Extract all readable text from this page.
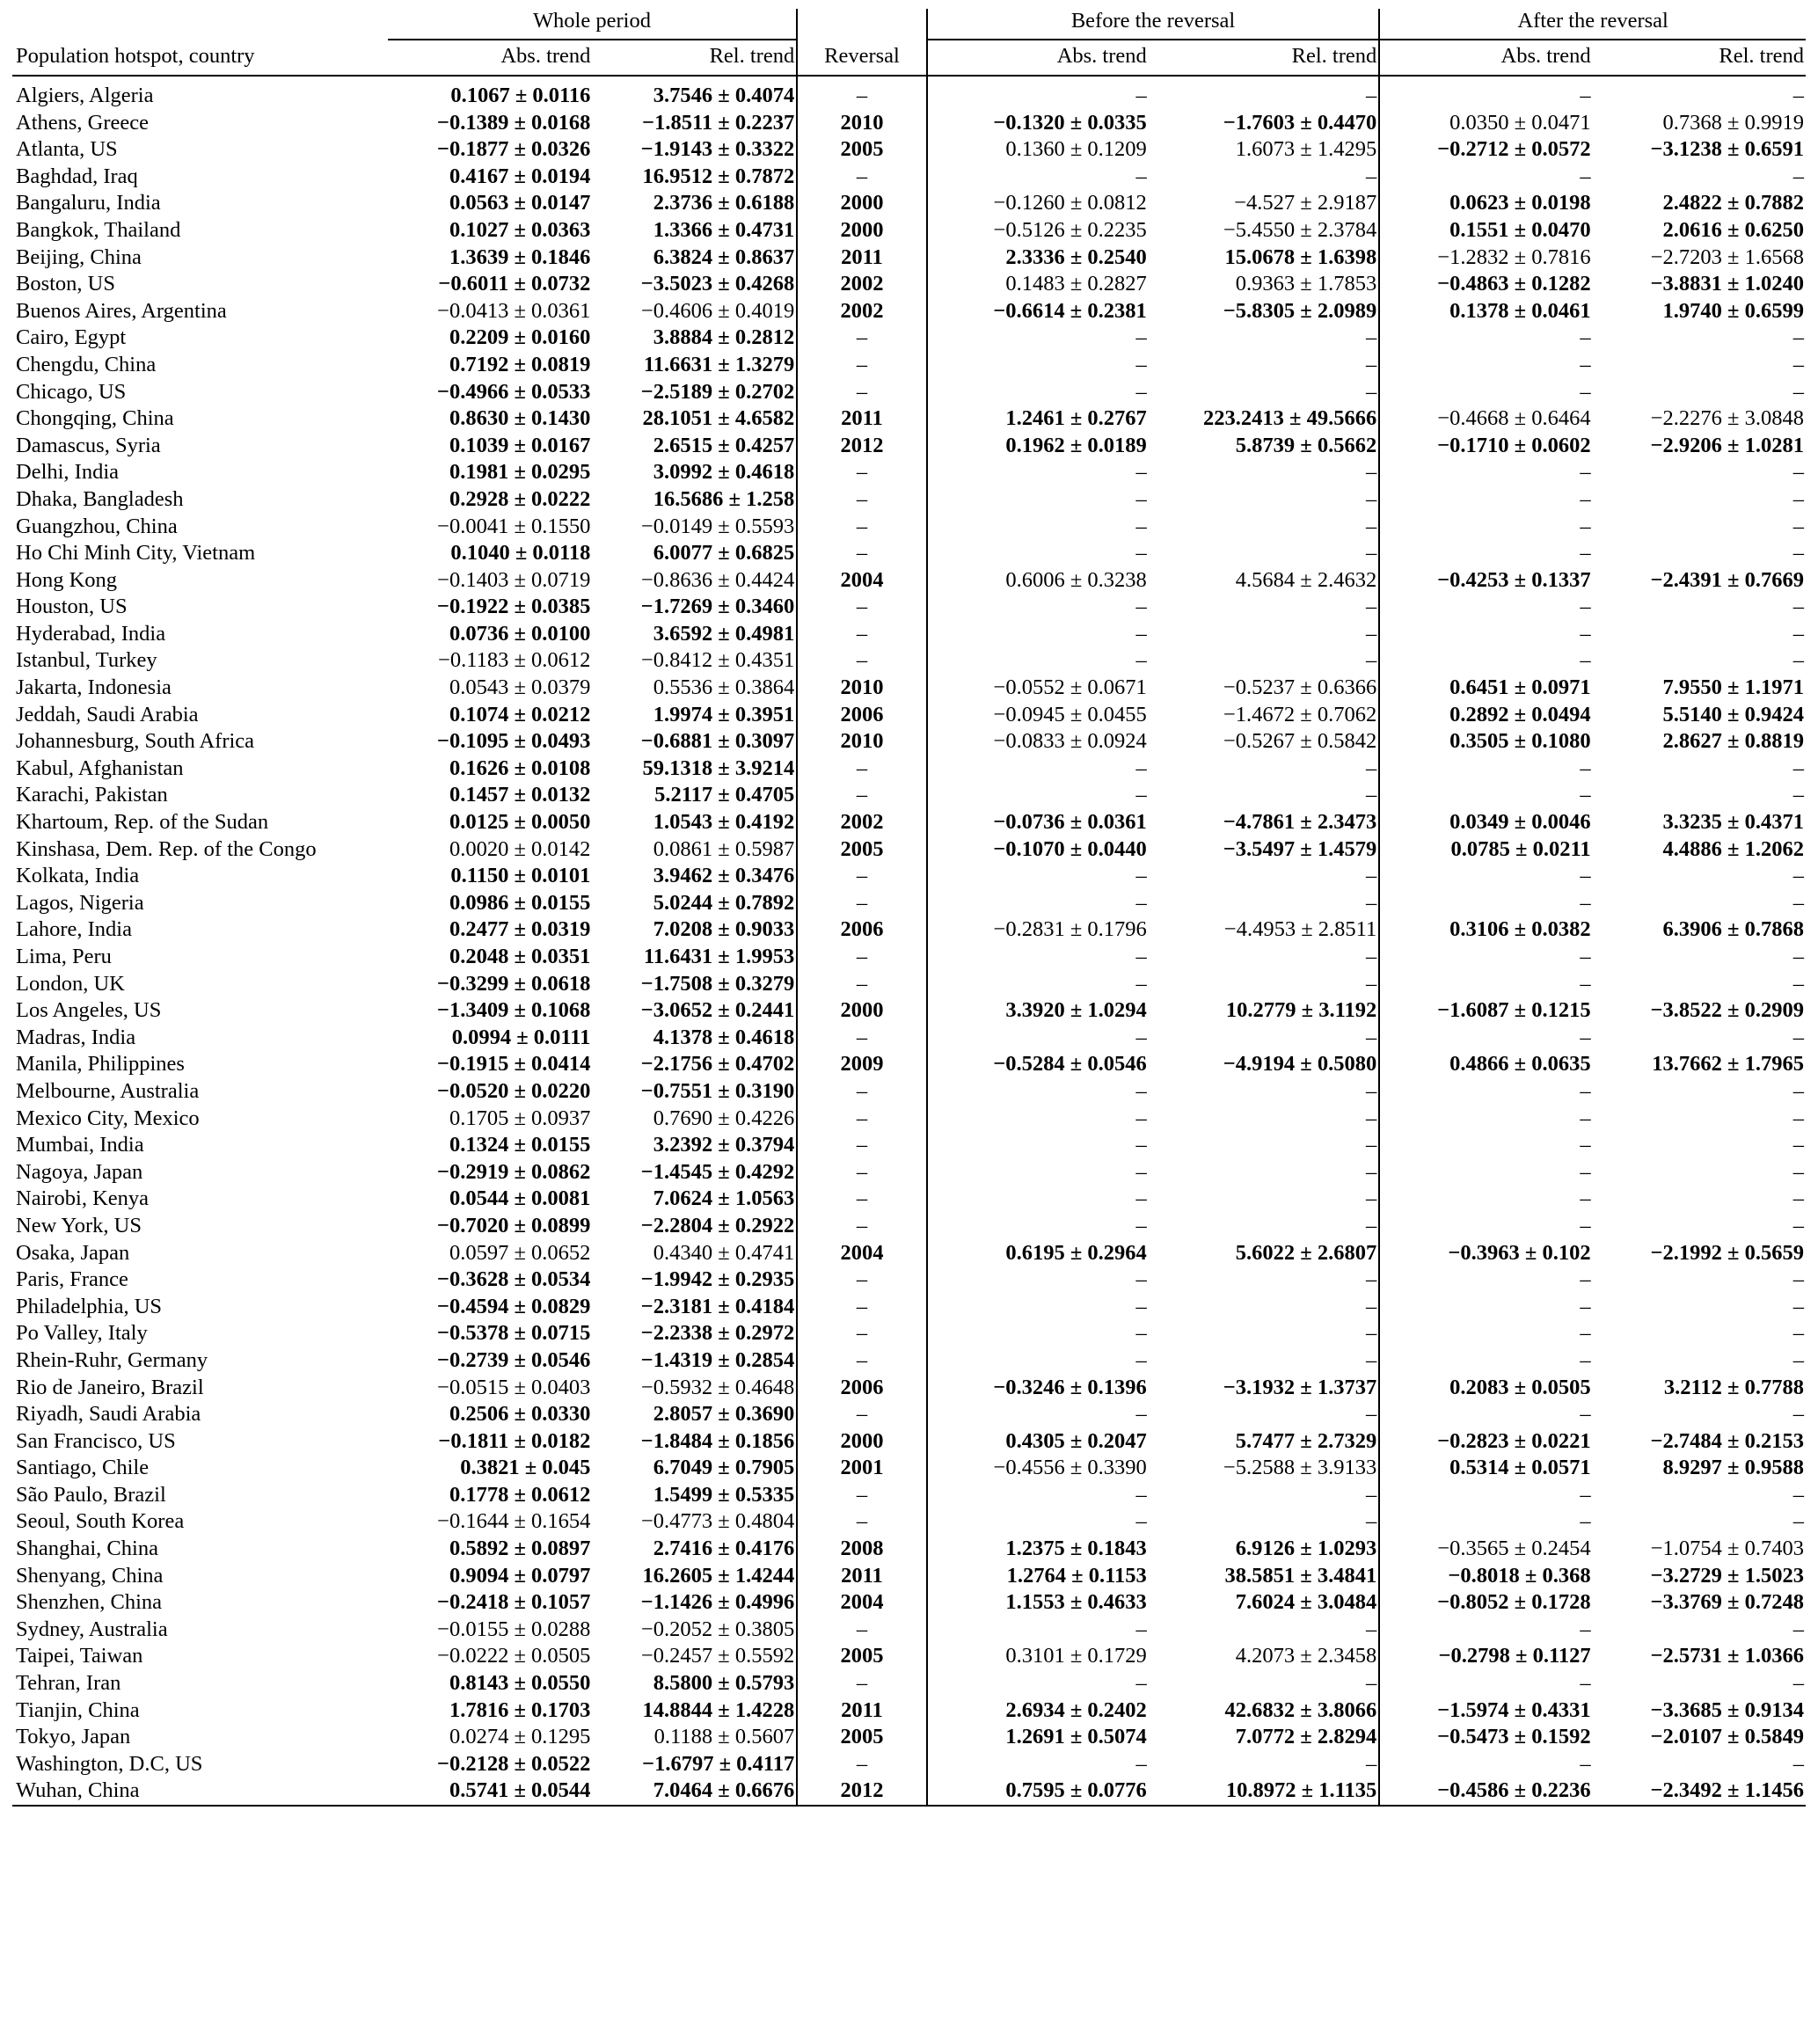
	Whole period			Before the reversal		After the reversal	
Population hotspot, country	Abs. trend	Rel. trend	Reversal	Abs. trend	Rel. trend	Abs. trend	Rel. trend
Algiers, Algeria	0.1067 ± 0.0116	3.7546 ± 0.4074	–	–	–	–	–
Athens, Greece	−0.1389 ± 0.0168	−1.8511 ± 0.2237	2010	−0.1320 ± 0.0335	−1.7603 ± 0.4470	0.0350 ± 0.0471	0.7368 ± 0.9919
Atlanta, US	−0.1877 ± 0.0326	−1.9143 ± 0.3322	2005	0.1360 ± 0.1209	1.6073 ± 1.4295	−0.2712 ± 0.0572	−3.1238 ± 0.6591
Baghdad, Iraq	0.4167 ± 0.0194	16.9512 ± 0.7872	–	–	–	–	–
Bangaluru, India	0.0563 ± 0.0147	2.3736 ± 0.6188	2000	−0.1260 ± 0.0812	−4.527 ± 2.9187	0.0623 ± 0.0198	2.4822 ± 0.7882
Bangkok, Thailand	0.1027 ± 0.0363	1.3366 ± 0.4731	2000	−0.5126 ± 0.2235	−5.4550 ± 2.3784	0.1551 ± 0.0470	2.0616 ± 0.6250
Beijing, China	1.3639 ± 0.1846	6.3824 ± 0.8637	2011	2.3336 ± 0.2540	15.0678 ± 1.6398	−1.2832 ± 0.7816	−2.7203 ± 1.6568
Boston, US	−0.6011 ± 0.0732	−3.5023 ± 0.4268	2002	0.1483 ± 0.2827	0.9363 ± 1.7853	−0.4863 ± 0.1282	−3.8831 ± 1.0240
Buenos Aires, Argentina	−0.0413 ± 0.0361	−0.4606 ± 0.4019	2002	−0.6614 ± 0.2381	−5.8305 ± 2.0989	0.1378 ± 0.0461	1.9740 ± 0.6599
Cairo, Egypt	0.2209 ± 0.0160	3.8884 ± 0.2812	–	–	–	–	–
Chengdu, China	0.7192 ± 0.0819	11.6631 ± 1.3279	–	–	–	–	–
Chicago, US	−0.4966 ± 0.0533	−2.5189 ± 0.2702	–	–	–	–	–
Chongqing, China	0.8630 ± 0.1430	28.1051 ± 4.6582	2011	1.2461 ± 0.2767	223.2413 ± 49.5666	−0.4668 ± 0.6464	−2.2276 ± 3.0848
Damascus, Syria	0.1039 ± 0.0167	2.6515 ± 0.4257	2012	0.1962 ± 0.0189	5.8739 ± 0.5662	−0.1710 ± 0.0602	−2.9206 ± 1.0281
Delhi, India	0.1981 ± 0.0295	3.0992 ± 0.4618	–	–	–	–	–
Dhaka, Bangladesh	0.2928 ± 0.0222	16.5686 ± 1.258	–	–	–	–	–
Guangzhou, China	−0.0041 ± 0.1550	−0.0149 ± 0.5593	–	–	–	–	–
Ho Chi Minh City, Vietnam	0.1040 ± 0.0118	6.0077 ± 0.6825	–	–	–	–	–
Hong Kong	−0.1403 ± 0.0719	−0.8636 ± 0.4424	2004	0.6006 ± 0.3238	4.5684 ± 2.4632	−0.4253 ± 0.1337	−2.4391 ± 0.7669
Houston, US	−0.1922 ± 0.0385	−1.7269 ± 0.3460	–	–	–	–	–
Hyderabad, India	0.0736 ± 0.0100	3.6592 ± 0.4981	–	–	–	–	–
Istanbul, Turkey	−0.1183 ± 0.0612	−0.8412 ± 0.4351	–	–	–	–	–
Jakarta, Indonesia	0.0543 ± 0.0379	0.5536 ± 0.3864	2010	−0.0552 ± 0.0671	−0.5237 ± 0.6366	0.6451 ± 0.0971	7.9550 ± 1.1971
Jeddah, Saudi Arabia	0.1074 ± 0.0212	1.9974 ± 0.3951	2006	−0.0945 ± 0.0455	−1.4672 ± 0.7062	0.2892 ± 0.0494	5.5140 ± 0.9424
Johannesburg, South Africa	−0.1095 ± 0.0493	−0.6881 ± 0.3097	2010	−0.0833 ± 0.0924	−0.5267 ± 0.5842	0.3505 ± 0.1080	2.8627 ± 0.8819
Kabul, Afghanistan	0.1626 ± 0.0108	59.1318 ± 3.9214	–	–	–	–	–
Karachi, Pakistan	0.1457 ± 0.0132	5.2117 ± 0.4705	–	–	–	–	–
Khartoum, Rep. of the Sudan	0.0125 ± 0.0050	1.0543 ± 0.4192	2002	−0.0736 ± 0.0361	−4.7861 ± 2.3473	0.0349 ± 0.0046	3.3235 ± 0.4371
Kinshasa, Dem. Rep. of the Congo	0.0020 ± 0.0142	0.0861 ± 0.5987	2005	−0.1070 ± 0.0440	−3.5497 ± 1.4579	0.0785 ± 0.0211	4.4886 ± 1.2062
Kolkata, India	0.1150 ± 0.0101	3.9462 ± 0.3476	–	–	–	–	–
Lagos, Nigeria	0.0986 ± 0.0155	5.0244 ± 0.7892	–	–	–	–	–
Lahore, India	0.2477 ± 0.0319	7.0208 ± 0.9033	2006	−0.2831 ± 0.1796	−4.4953 ± 2.8511	0.3106 ± 0.0382	6.3906 ± 0.7868
Lima, Peru	0.2048 ± 0.0351	11.6431 ± 1.9953	–	–	–	–	–
London, UK	−0.3299 ± 0.0618	−1.7508 ± 0.3279	–	–	–	–	–
Los Angeles, US	−1.3409 ± 0.1068	−3.0652 ± 0.2441	2000	3.3920 ± 1.0294	10.2779 ± 3.1192	−1.6087 ± 0.1215	−3.8522 ± 0.2909
Madras, India	0.0994 ± 0.0111	4.1378 ± 0.4618	–	–	–	–	–
Manila, Philippines	−0.1915 ± 0.0414	−2.1756 ± 0.4702	2009	−0.5284 ± 0.0546	−4.9194 ± 0.5080	0.4866 ± 0.0635	13.7662 ± 1.7965
Melbourne, Australia	−0.0520 ± 0.0220	−0.7551 ± 0.3190	–	–	–	–	–
Mexico City, Mexico	0.1705 ± 0.0937	0.7690 ± 0.4226	–	–	–	–	–
Mumbai, India	0.1324 ± 0.0155	3.2392 ± 0.3794	–	–	–	–	–
Nagoya, Japan	−0.2919 ± 0.0862	−1.4545 ± 0.4292	–	–	–	–	–
Nairobi, Kenya	0.0544 ± 0.0081	7.0624 ± 1.0563	–	–	–	–	–
New York, US	−0.7020 ± 0.0899	−2.2804 ± 0.2922	–	–	–	–	–
Osaka, Japan	0.0597 ± 0.0652	0.4340 ± 0.4741	2004	0.6195 ± 0.2964	5.6022 ± 2.6807	−0.3963 ± 0.102	−2.1992 ± 0.5659
Paris, France	−0.3628 ± 0.0534	−1.9942 ± 0.2935	–	–	–	–	–
Philadelphia, US	−0.4594 ± 0.0829	−2.3181 ± 0.4184	–	–	–	–	–
Po Valley, Italy	−0.5378 ± 0.0715	−2.2338 ± 0.2972	–	–	–	–	–
Rhein-Ruhr, Germany	−0.2739 ± 0.0546	−1.4319 ± 0.2854	–	–	–	–	–
Rio de Janeiro, Brazil	−0.0515 ± 0.0403	−0.5932 ± 0.4648	2006	−0.3246 ± 0.1396	−3.1932 ± 1.3737	0.2083 ± 0.0505	3.2112 ± 0.7788
Riyadh, Saudi Arabia	0.2506 ± 0.0330	2.8057 ± 0.3690	–	–	–	–	–
San Francisco, US	−0.1811 ± 0.0182	−1.8484 ± 0.1856	2000	0.4305 ± 0.2047	5.7477 ± 2.7329	−0.2823 ± 0.0221	−2.7484 ± 0.2153
Santiago, Chile	0.3821 ± 0.045	6.7049 ± 0.7905	2001	−0.4556 ± 0.3390	−5.2588 ± 3.9133	0.5314 ± 0.0571	8.9297 ± 0.9588
São Paulo, Brazil	0.1778 ± 0.0612	1.5499 ± 0.5335	–	–	–	–	–
Seoul, South Korea	−0.1644 ± 0.1654	−0.4773 ± 0.4804	–	–	–	–	–
Shanghai, China	0.5892 ± 0.0897	2.7416 ± 0.4176	2008	1.2375 ± 0.1843	6.9126 ± 1.0293	−0.3565 ± 0.2454	−1.0754 ± 0.7403
Shenyang, China	0.9094 ± 0.0797	16.2605 ± 1.4244	2011	1.2764 ± 0.1153	38.5851 ± 3.4841	−0.8018 ± 0.368	−3.2729 ± 1.5023
Shenzhen, China	−0.2418 ± 0.1057	−1.1426 ± 0.4996	2004	1.1553 ± 0.4633	7.6024 ± 3.0484	−0.8052 ± 0.1728	−3.3769 ± 0.7248
Sydney, Australia	−0.0155 ± 0.0288	−0.2052 ± 0.3805	–	–	–	–	–
Taipei, Taiwan	−0.0222 ± 0.0505	−0.2457 ± 0.5592	2005	0.3101 ± 0.1729	4.2073 ± 2.3458	−0.2798 ± 0.1127	−2.5731 ± 1.0366
Tehran, Iran	0.8143 ± 0.0550	8.5800 ± 0.5793	–	–	–	–	–
Tianjin, China	1.7816 ± 0.1703	14.8844 ± 1.4228	2011	2.6934 ± 0.2402	42.6832 ± 3.8066	−1.5974 ± 0.4331	−3.3685 ± 0.9134
Tokyo, Japan	0.0274 ± 0.1295	0.1188 ± 0.5607	2005	1.2691 ± 0.5074	7.0772 ± 2.8294	−0.5473 ± 0.1592	−2.0107 ± 0.5849
Washington, D.C, US	−0.2128 ± 0.0522	−1.6797 ± 0.4117	–	–	–	–	–
Wuhan, China	0.5741 ± 0.0544	7.0464 ± 0.6676	2012	0.7595 ± 0.0776	10.8972 ± 1.1135	−0.4586 ± 0.2236	−2.3492 ± 1.1456
